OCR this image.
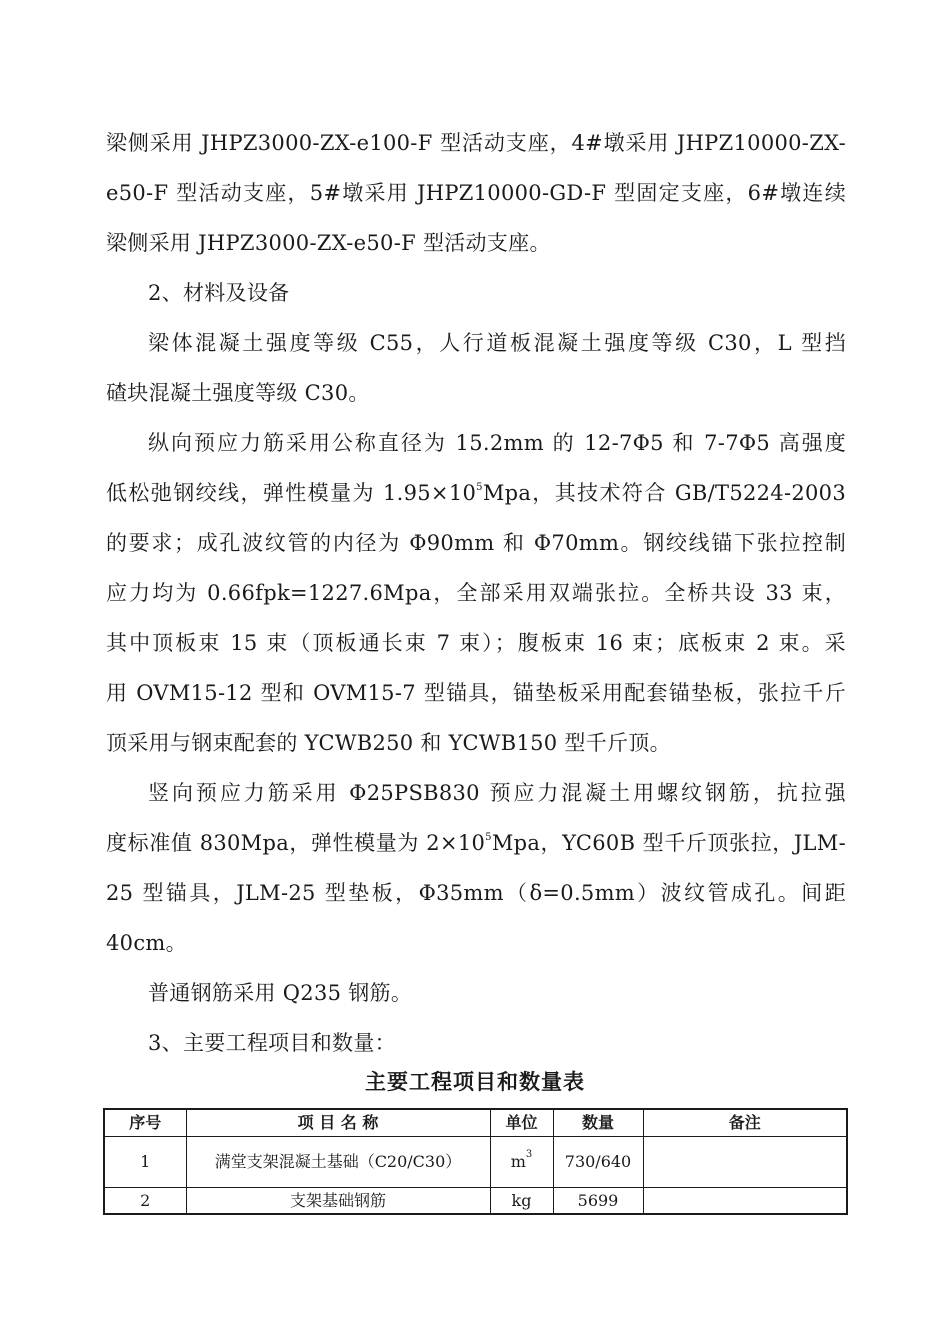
梁侧采用 JHPZ3000-ZX-e100-F 型活动支座，4#墩采用 JHPZ10000-ZX-
e50-F 型活动支座，5#墩采用 JHPZ10000-GD-F 型固定支座，6#墩连续
梁侧采用 JHPZ3000-ZX-e50-F 型活动支座。
2、材料及设备
梁体混凝土强度等级 C55，人行道板混凝土强度等级 C30，L 型挡
碴块混凝土强度等级 C30。
纵向预应力筋采用公称直径为 15.2mm 的 12-7Φ5 和 7-7Φ5 高强度
低松弛钢绞线，弹性模量为 $1.95\times 10^5Mpa$，其技术符合 GB/T5224-2003
的要求；成孔波纹管的内径为 Φ90mm 和 Φ70mm。钢绞线锚下张拉控制
应力均为 0.66fpk=1227.6Mpa，全部采用双端张拉。全桥共设 33 束，
其中顶板束 15 束（顶板通长束 7 束）；腹板束 16 束；底板束 2 束。采
用 OVM15-12 型和 OVM15-7 型锚具，锚垫板采用配套锚垫板，张拉千斤
顶采用与钢束配套的 YCWB250 和 YCWB150 型千斤顶。
竖向预应力筋采用 Φ25PSB830 预应力混凝土用螺纹钢筋，抗拉强
度标准值 830Mpa，弹性模量为 $2\times 10^5Mpa$，YC60B 型千斤顶张拉，JLM-
25 型锚具，JLM-25 型垫板，Φ35mm（δ=0.5mm）波纹管成孔。间距
40cm。
普通钢筋采用 Q235 钢筋。
3、主要工程项目和数量：
主要工程项目和数量表
序号	项 目 名 称	单位	数量	备注
1	满堂支架混凝土基础（C20/C30）	$m^3$	730/640	
2	支架基础钢筋	kg	5699	
